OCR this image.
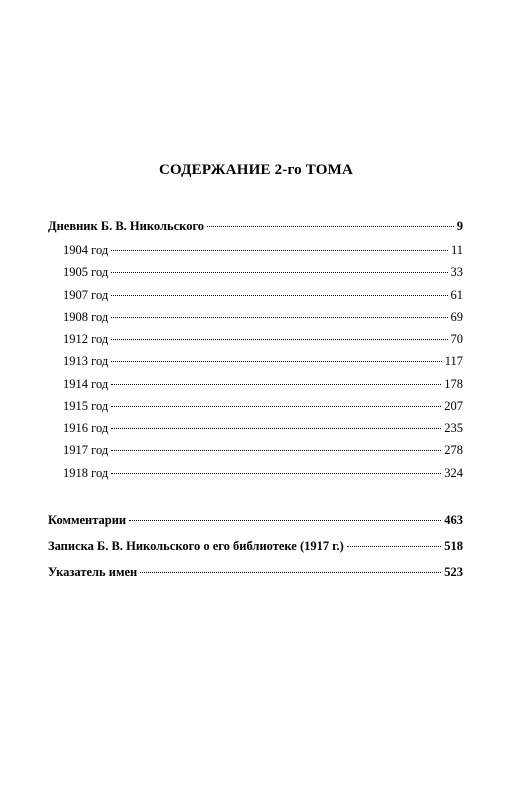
СОДЕРЖАНИЕ 2-го ТОМА
Дневник Б. В. Никольского	9
1904 год	11
1905 год	33
1907 год	61
1908 год	69
1912 год	70
1913 год	117
1914 год	178
1915 год	207
1916 год	235
1917 год	278
1918 год	324
Комментарии	463
Записка Б. В. Никольского о его библиотеке (1917 г.)	518
Указатель имен	523
